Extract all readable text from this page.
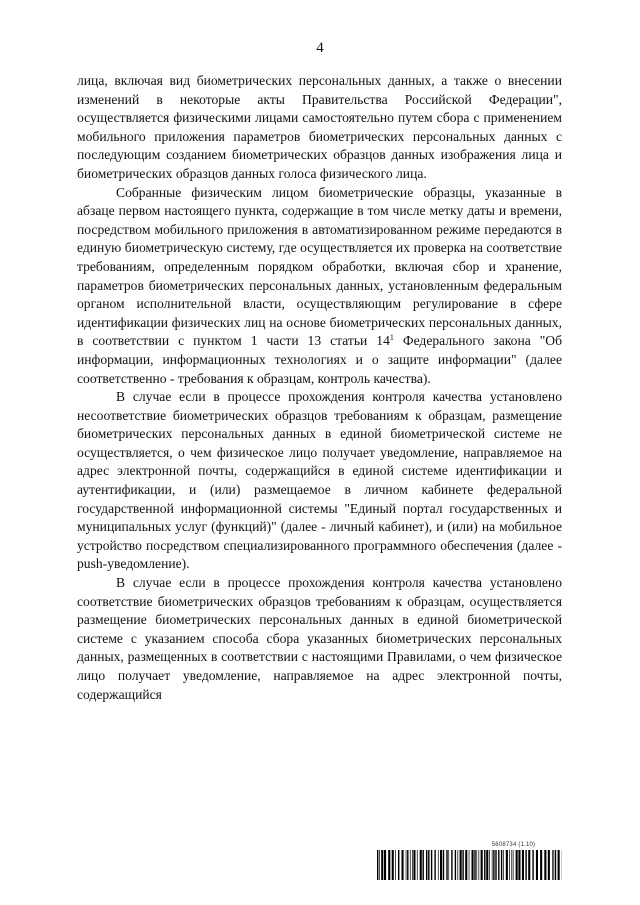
4

лица, включая вид биометрических персональных данных, а также о внесении изменений в некоторые акты Правительства Российской Федерации", осуществляется физическими лицами самостоятельно путем сбора с применением мобильного приложения параметров биометрических персональных данных с последующим созданием биометрических образцов данных изображения лица и биометрических образцов данных голоса физического лица.

Собранные физическим лицом биометрические образцы, указанные в абзаце первом настоящего пункта, содержащие в том числе метку даты и времени, посредством мобильного приложения в автоматизированном режиме передаются в единую биометрическую систему, где осуществляется их проверка на соответствие требованиям, определенным порядком обработки, включая сбор и хранение, параметров биометрических персональных данных, установленным федеральным органом исполнительной власти, осуществляющим регулирование в сфере идентификации физических лиц на основе биометрических персональных данных, в соответствии с пунктом 1 части 13 статьи $14^1$ Федерального закона "Об информации, информационных технологиях и о защите информации" (далее соответственно - требования к образцам, контроль качества).

В случае если в процессе прохождения контроля качества установлено несоответствие биометрических образцов требованиям к образцам, размещение биометрических персональных данных в единой биометрической системе не осуществляется, о чем физическое лицо получает уведомление, направляемое на адрес электронной почты, содержащийся в единой системе идентификации и аутентификации, и (или) размещаемое в личном кабинете федеральной государственной информационной системы "Единый портал государственных и муниципальных услуг (функций)" (далее - личный кабинет), и (или) на мобильное устройство посредством специализированного программного обеспечения (далее - push-уведомление).

В случае если в процессе прохождения контроля качества установлено соответствие биометрических образцов требованиям к образцам, осуществляется размещение биометрических персональных данных в единой биометрической системе с указанием способа сбора указанных биометрических персональных данных, размещенных в соответствии с настоящими Правилами, о чем физическое лицо получает уведомление, направляемое на адрес электронной почты, содержащийся

5608734 (1.10)
